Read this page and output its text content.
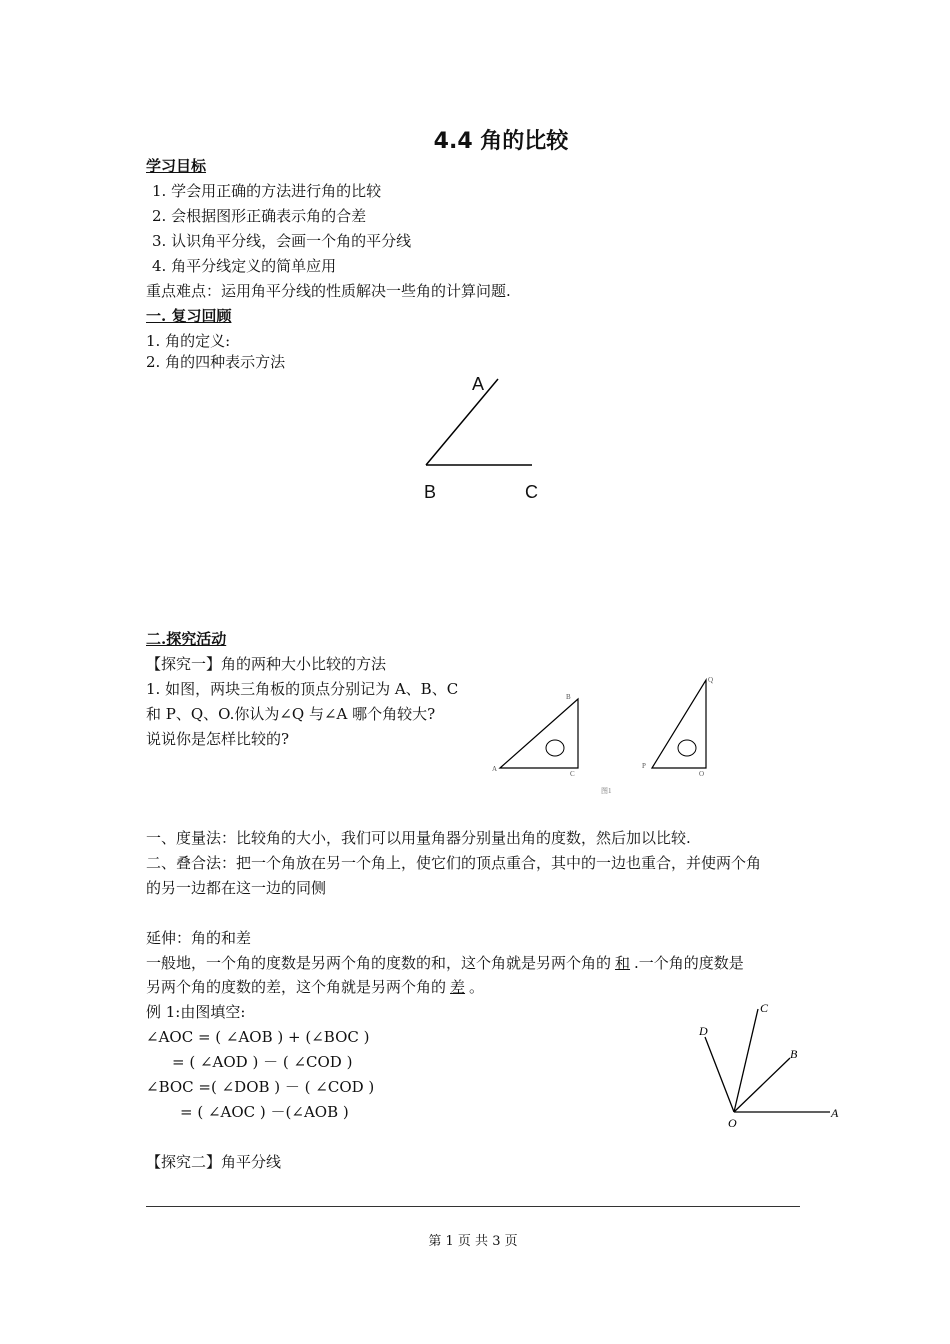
4.4 角的比较
学习目标
1. 学会用正确的方法进行角的比较
2. 会根据图形正确表示角的合差
3. 认识角平分线，会画一个角的平分线
4. 角平分线定义的简单应用
重点难点：运用角平分线的性质解决一些角的计算问题.
一. 复习回顾
1. 角的定义:
2. 角的四种表示方法
A
B	C
二.探究活动
【探究一】角的两种大小比较的方法
1. 如图，两块三角板的顶点分别记为 A、B、C
和 P、Q、O.你认为∠Q 与∠A 哪个角较大?
说说你是怎样比较的?
A
B
C
P
Q
O
图1
一、度量法：比较角的大小，我们可以用量角器分别量出角的度数，然后加以比较.
二、叠合法：把一个角放在另一个角上，使它们的顶点重合，其中的一边也重合，并使两个角
的另一边都在这一边的同侧
延伸：角的和差
一般地，一个角的度数是另两个角的度数的和，这个角就是另两个角的 和 .一个角的度数是
另两个角的度数的差，这个角就是另两个角的 差 。
例 1:由图填空:
∠AOC = ( ∠AOB ) + (∠BOC )
= ( ∠AOD ) － ( ∠COD )
∠BOC =( ∠DOB ) － ( ∠COD )
= ( ∠AOC ) －(∠AOB )
O
A
B
C
D
【探究二】角平分线
第 1 页 共 3 页
